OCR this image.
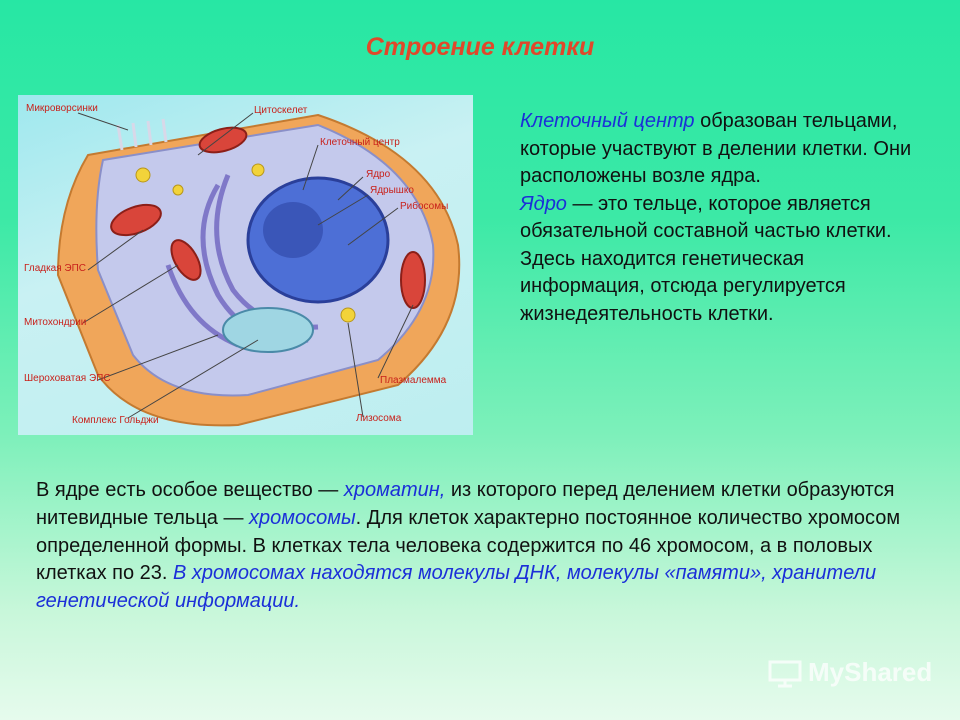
Строение клетки
Микроворсинки	Цитоскелет
Клеточный центр
Ядро
Ядрышко
Рибосомы
Гладкая ЭПС
Митохондрии
Шероховатая ЭПС
Комплекс Гольджи
Плазмалемма
Лизосома
Клеточный центр образован тельцами, которые участвуют в делении клетки. Они расположены возле ядра.
Ядро — это тельце, которое является обязательной составной частью клетки. Здесь находится генетическая информация, отсюда регулируется жизнедеятельность клетки.
В ядре есть особое вещество — хроматин, из которого перед делением клетки образуются нитевидные тельца — хромосомы. Для клеток характерно постоянное количество хромосом определенной формы. В клетках тела человека содержится по 46 хромосом, а в половых клетках по 23. В хромосомах находятся молекулы ДНК, молекулы «памяти», хранители генетической информации.
MyShared
